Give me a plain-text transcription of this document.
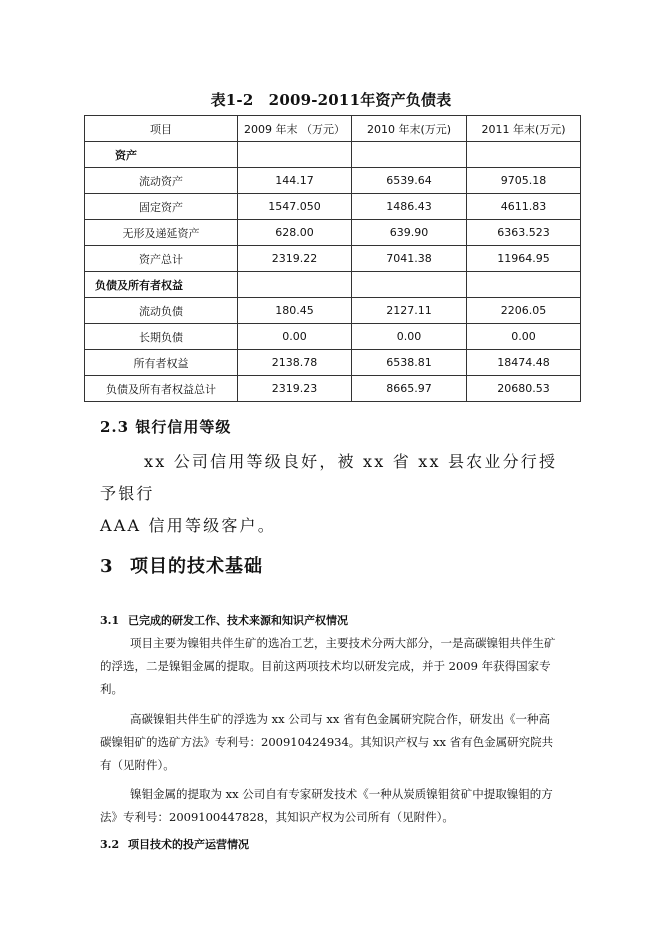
表1-2　2009-2011年资产负债表
项目	2009 年末 （万元）	2010 年末(万元)	2011 年末(万元)
资产			
流动资产	144.17	6539.64	9705.18
固定资产	1547.050	1486.43	4611.83
无形及递延资产	628.00	639.90	6363.523
资产总计	2319.22	7041.38	11964.95
负债及所有者权益			
流动负债	180.45	2127.11	2206.05
长期负债	0.00	0.00	0.00
所有者权益	2138.78	6538.81	18474.48
负债及所有者权益总计	2319.23	8665.97	20680.53
2.3 银行信用等级
xx 公司信用等级良好，被 xx 省 xx 县农业分行授予银行
AAA 信用等级客户。
3 项目的技术基础
3.1 已完成的研发工作、技术来源和知识产权情况
项目主要为镍钼共伴生矿的选冶工艺，主要技术分两大部分，一是高碳镍钼共伴生矿的浮选，二是镍钼金属的提取。目前这两项技术均以研发完成，并于 2009 年获得国家专利。
高碳镍钼共伴生矿的浮选为 xx 公司与 xx 省有色金属研究院合作，研发出《一种高碳镍钼矿的选矿方法》专利号：200910424934。其知识产权与 xx 省有色金属研究院共有（见附件）。
镍钼金属的提取为 xx 公司自有专家研发技术《一种从炭质镍钼贫矿中提取镍钼的方法》专利号：2009100447828，其知识产权为公司所有（见附件）。
3.2 项目技术的投产运营情况
